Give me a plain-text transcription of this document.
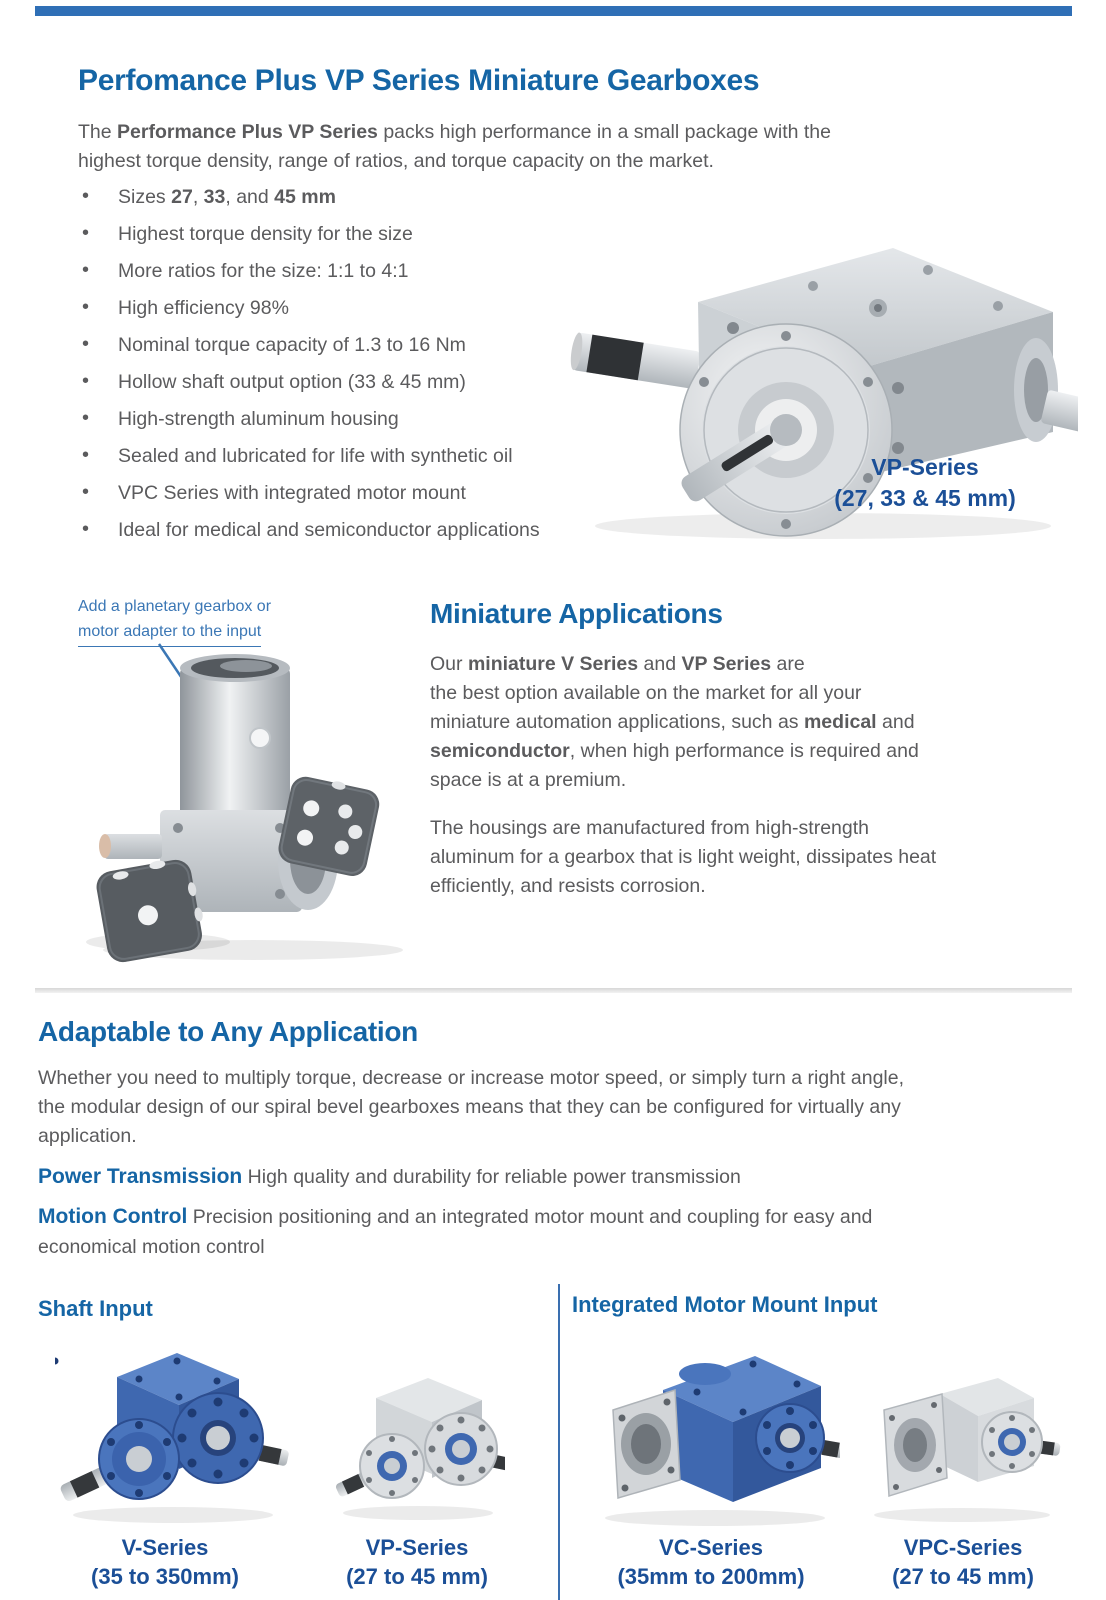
Perfomance Plus VP Series Miniature Gearboxes
The Performance Plus VP Series packs high performance in a small package with the
highest torque density, range of ratios, and torque capacity on the market.
• Sizes 27, 33, and 45 mm
• Highest torque density for the size
• More ratios for the size: 1:1 to 4:1
• High efficiency 98%
• Nominal torque capacity of 1.3 to 16 Nm
• Hollow shaft output option (33 & 45 mm)
• High-strength aluminum housing
• Sealed and lubricated for life with synthetic oil
• VPC Series with integrated motor mount
• Ideal for medical and semiconductor applications
VP-Series
(27, 33 & 45 mm)
Add a planetary gearbox or
motor adapter to the input
Miniature Applications
Our miniature V Series and VP Series are
the best option available on the market for all your
miniature automation applications, such as medical and
semiconductor, when high performance is required and
space is at a premium.
The housings are manufactured from high-strength
aluminum for a gearbox that is light weight, dissipates heat
efficiently, and resists corrosion.
Adaptable to Any Application
Whether you need to multiply torque, decrease or increase motor speed, or simply turn a right angle,
the modular design of our spiral bevel gearboxes means that they can be configured for virtually any
application.
Power Transmission High quality and durability for reliable power transmission
Motion Control Precision positioning and an integrated motor mount and coupling for easy and
economical motion control
Shaft Input	Integrated Motor Mount Input
V-Series
(35 to 350mm)
VP-Series
(27 to 45 mm)
VC-Series
(35mm to 200mm)
VPC-Series
(27 to 45 mm)
